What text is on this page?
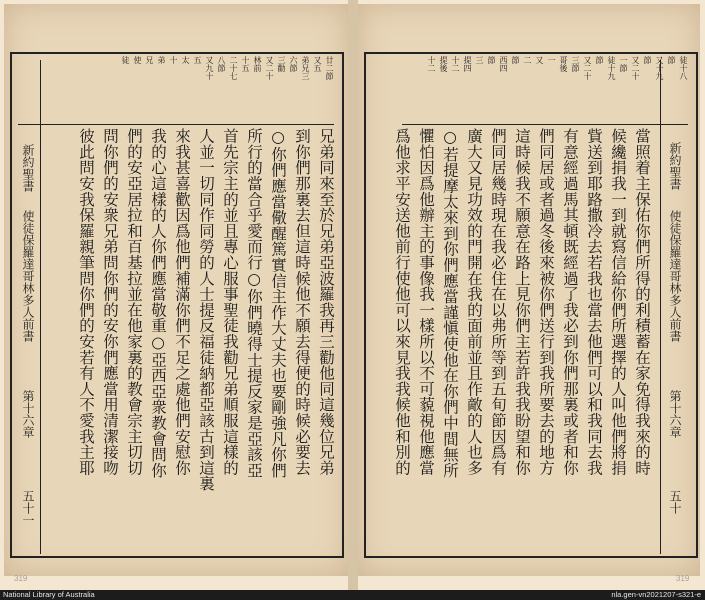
廿二節
又五
弟兄三
六節
三勸
又二十
林前
十五
二十七
八節
又九十
五
太
十
弟
兄
使
徒
新約聖書
使徒保羅達哥林多人前書
第十六章
五十一
兄弟同來至於兄弟亞波羅我再三勸他同這幾位兄弟
到你們那裏去但這時候他不願去得便的時候必要去
○你們應當儆醒篤實信主作大丈夫也要剛強凡你們
所行的當合乎愛而行○你們曉得士提反家是亞該亞
首先宗主的並且專心服事聖徒我勸兄弟順服這樣的
人並一切同作同勞的人士提反福徒納都亞該古到這裏
來我甚喜歡因爲他們補滿你們不足之處他們安慰你
我的心這樣的人你們應當敬重○亞西亞衆教會問你
們的安亞居拉和百基拉並在他家裏的教會宗主切切
問你們的安衆兄弟問你們的安你們應當用清潔接吻
彼此問安我保羅親筆問你們的安若有人不愛我主耶
徒十八
節
又十九
節
又二十
一節
徒十九
節
又二十
三節
哥後
一
又
二
節
西四
節
三
提四
十二
提後
十二
當照着主保佑你們所得的利積蓄在家免得我來的時
候纔捐我一到就寫信給你們所選擇的人叫他們將捐
貲送到耶路撒冷去若我也當去他們可以和我同去我
有意經過馬其頓既經過了我必到你們那裏或者和你
們同居或者過冬後來被你們送行到我所要去的地方
這時候我不願意在路上見你們主若許我我盼望和你
們同居幾時現在我必住在以弗所等到五旬節因爲有
廣大又見功效的門開在我的面前並且作敵的人也多
○若提摩太來到你們應當謹愼使他在你們中間無所
懼怕因爲他辦主的事像我一樣所以不可藐視他應當
爲他求平安送他前行使他可以來見我我候他和別的	新約聖書
使徒保羅達哥林多人前書
第十六章
五十
319	319
National Library of Australia	nla.gen-vn2021207-s321-e
